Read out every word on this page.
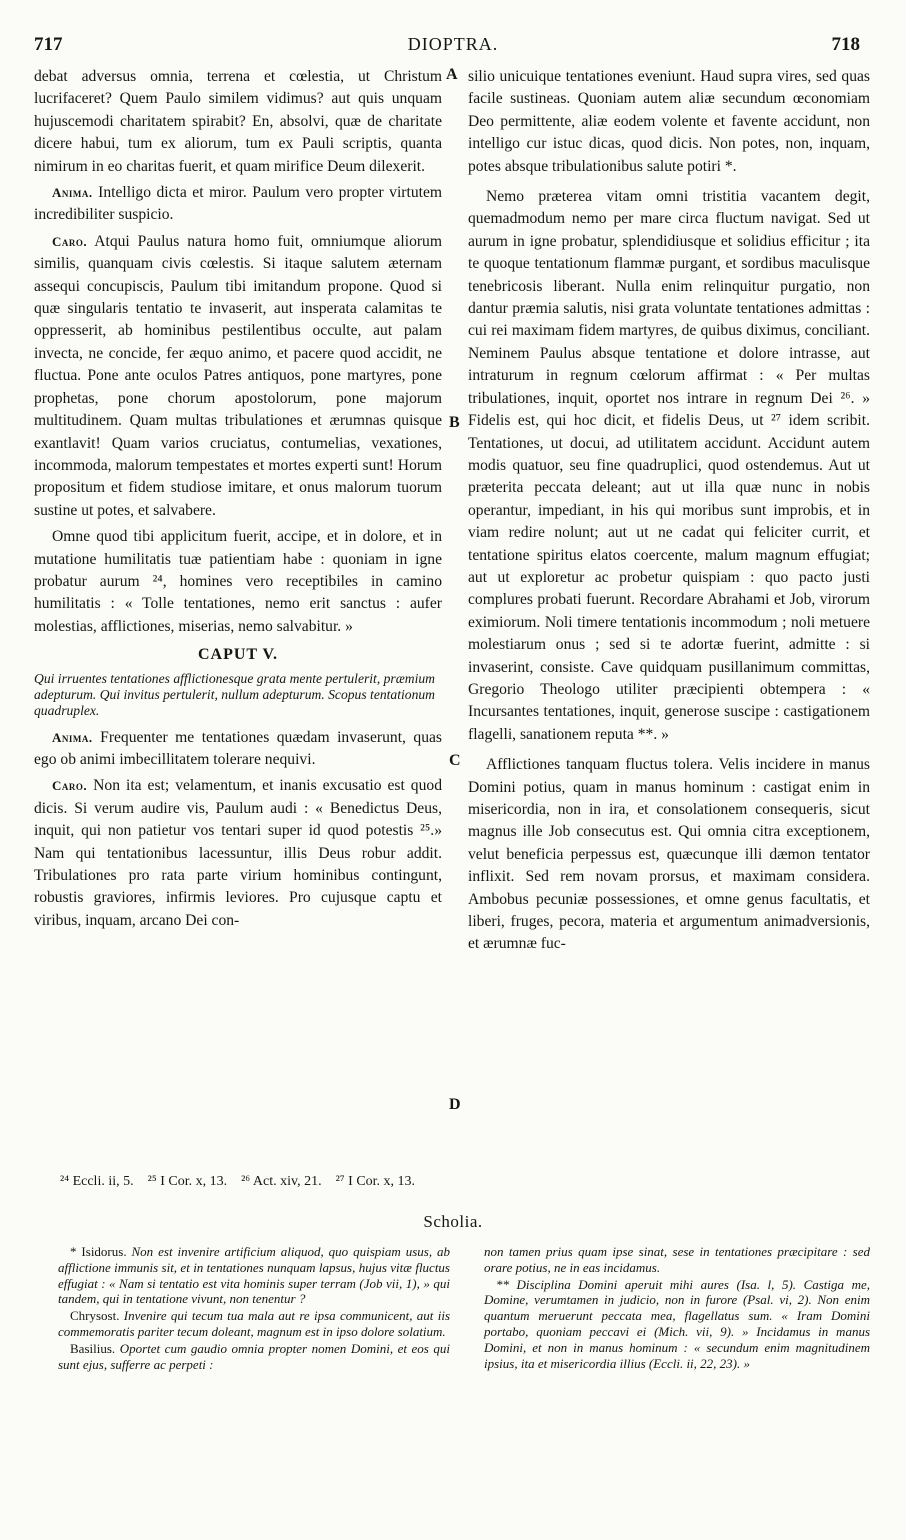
717	DIOPTRA.	718
A
B
C
D

debat adversus omnia, terrena et cœlestia, ut Christum lucrifaceret? Quem Paulo similem vidimus? aut quis unquam hujuscemodi charitatem spirabit? En, absolvi, quæ de charitate dicere habui, tum ex aliorum, tum ex Pauli scriptis, quanta nimirum in eo charitas fuerit, et quam mirifice Deum dilexerit.

Anima. Intelligo dicta et miror. Paulum vero propter virtutem incredibiliter suspicio.

Caro. Atqui Paulus natura homo fuit, omniumque aliorum similis, quanquam civis cœlestis. Si itaque salutem æternam assequi concupiscis, Paulum tibi imitandum propone. Quod si quæ singularis tentatio te invaserit, aut insperata calamitas te oppresserit, ab hominibus pestilentibus occulte, aut palam invecta, ne concide, fer æquo animo, et pacere quod accidit, ne fluctua. Pone ante oculos Patres antiquos, pone martyres, pone prophetas, pone chorum apostolorum, pone majorum multitudinem. Quam multas tribulationes et ærumnas quisque exantlavit! Quam varios cruciatus, contumelias, vexationes, incommoda, malorum tempestates et mortes experti sunt! Horum propositum et fidem studiose imitare, et onus malorum tuorum sustine ut potes, et salvabere.

Omne quod tibi applicitum fuerit, accipe, et in dolore, et in mutatione humilitatis tuæ patientiam habe : quoniam in igne probatur aurum ²⁴, homines vero receptibiles in camino humilitatis : « Tolle tentationes, nemo erit sanctus : aufer molestias, afflictiones, miserias, nemo salvabitur. »

CAPUT V.
Qui irruentes tentationes afflictionesque grata mente pertulerit, præmium adepturum. Qui invitus pertulerit, nullum adepturum. Scopus tentationum quadruplex.

Anima. Frequenter me tentationes quædam invaserunt, quas ego ob animi imbecillitatem tolerare nequivi.

Caro. Non ita est; velamentum, et inanis excusatio est quod dicis. Si verum audire vis, Paulum audi : « Benedictus Deus, inquit, qui non patietur vos tentari super id quod potestis ²⁵.» Nam qui tentationibus lacessuntur, illis Deus robur addit. Tribulationes pro rata parte virium hominibus contingunt, robustis graviores, infirmis leviores. Pro cujusque captu et viribus, inquam, arcano Dei con-

silio unicuique tentationes eveniunt. Haud supra vires, sed quas facile sustineas. Quoniam autem aliæ secundum œconomiam Deo permittente, aliæ eodem volente et favente accidunt, non intelligo cur istuc dicas, quod dicis. Non potes, non, inquam, potes absque tribulationibus salute potiri *.

Nemo præterea vitam omni tristitia vacantem degit, quemadmodum nemo per mare circa fluctum navigat. Sed ut aurum in igne probatur, splendidiusque et solidius efficitur ; ita te quoque tentationum flammæ purgant, et sordibus maculisque tenebricosis liberant. Nulla enim relinquitur purgatio, non dantur præmia salutis, nisi grata voluntate tentationes admittas : cui rei maximam fidem martyres, de quibus diximus, conciliant. Neminem Paulus absque tentatione et dolore intrasse, aut intraturum in regnum cœlorum affirmat : « Per multas tribulationes, inquit, oportet nos intrare in regnum Dei ²⁶. » Fidelis est, qui hoc dicit, et fidelis Deus, ut ²⁷ idem scribit. Tentationes, ut docui, ad utilitatem accidunt. Accidunt autem modis quatuor, seu fine quadruplici, quod ostendemus. Aut ut præterita peccata deleant; aut ut illa quæ nunc in nobis operantur, impediant, in his qui moribus sunt improbis, et in viam redire nolunt; aut ut ne cadat qui feliciter currit, et tentatione spiritus elatos coercente, malum magnum effugiat; aut ut exploretur ac probetur quispiam : quo pacto justi complures probati fuerunt. Recordare Abrahami et Job, virorum eximiorum. Noli timere tentationis incommodum ; noli metuere molestiarum onus ; sed si te adortæ fuerint, admitte : si invaserint, consiste. Cave quidquam pusillanimum committas, Gregorio Theologo utiliter præcipienti obtempera : « Incursantes tentationes, inquit, generose suscipe : castigationem flagelli, sanationem reputa **. »

Afflictiones tanquam fluctus tolera. Velis incidere in manus Domini potius, quam in manus hominum : castigat enim in misericordia, non in ira, et consolationem consequeris, sicut magnus ille Job consecutus est. Qui omnia citra exceptionem, velut beneficia perpessus est, quæcunque illi dæmon tentator inflixit. Sed rem novam prorsus, et maximam considera. Ambobus pecuniæ possessiones, et omne genus facultatis, et liberi, fruges, pecora, materia et argumentum animadversionis, et ærumnæ fuc-

²⁴ Eccli. ii, 5. ²⁵ I Cor. x, 13. ²⁶ Act. xiv, 21. ²⁷ I Cor. x, 13.
Scholia.

* Isidorus. Non est invenire artificium aliquod, quo quispiam usus, ab afflictione immunis sit, et in tentationes nunquam lapsus, hujus vitæ fluctus effugiat : « Nam si tentatio est vita hominis super terram (Job vii, 1), » qui tandem, qui in tentatione vivunt, non tenentur ?

Chrysost. Invenire qui tecum tua mala aut re ipsa communicent, aut iis commemoratis pariter tecum doleant, magnum est in ipso dolore solatium.

Basilius. Oportet cum gaudio omnia propter nomen Domini, et eos qui sunt ejus, sufferre ac perpeti :

non tamen prius quam ipse sinat, sese in tentationes præcipitare : sed orare potius, ne in eas incidamus.

** Disciplina Domini aperuit mihi aures (Isa. l, 5). Castiga me, Domine, verumtamen in judicio, non in furore (Psal. vi, 2). Non enim quantum meruerunt peccata mea, flagellatus sum. « Iram Domini portabo, quoniam peccavi ei (Mich. vii, 9). » Incidamus in manus Domini, et non in manus hominum : « secundum enim magnitudinem ipsius, ita et misericordia illius (Eccli. ii, 22, 23). »
